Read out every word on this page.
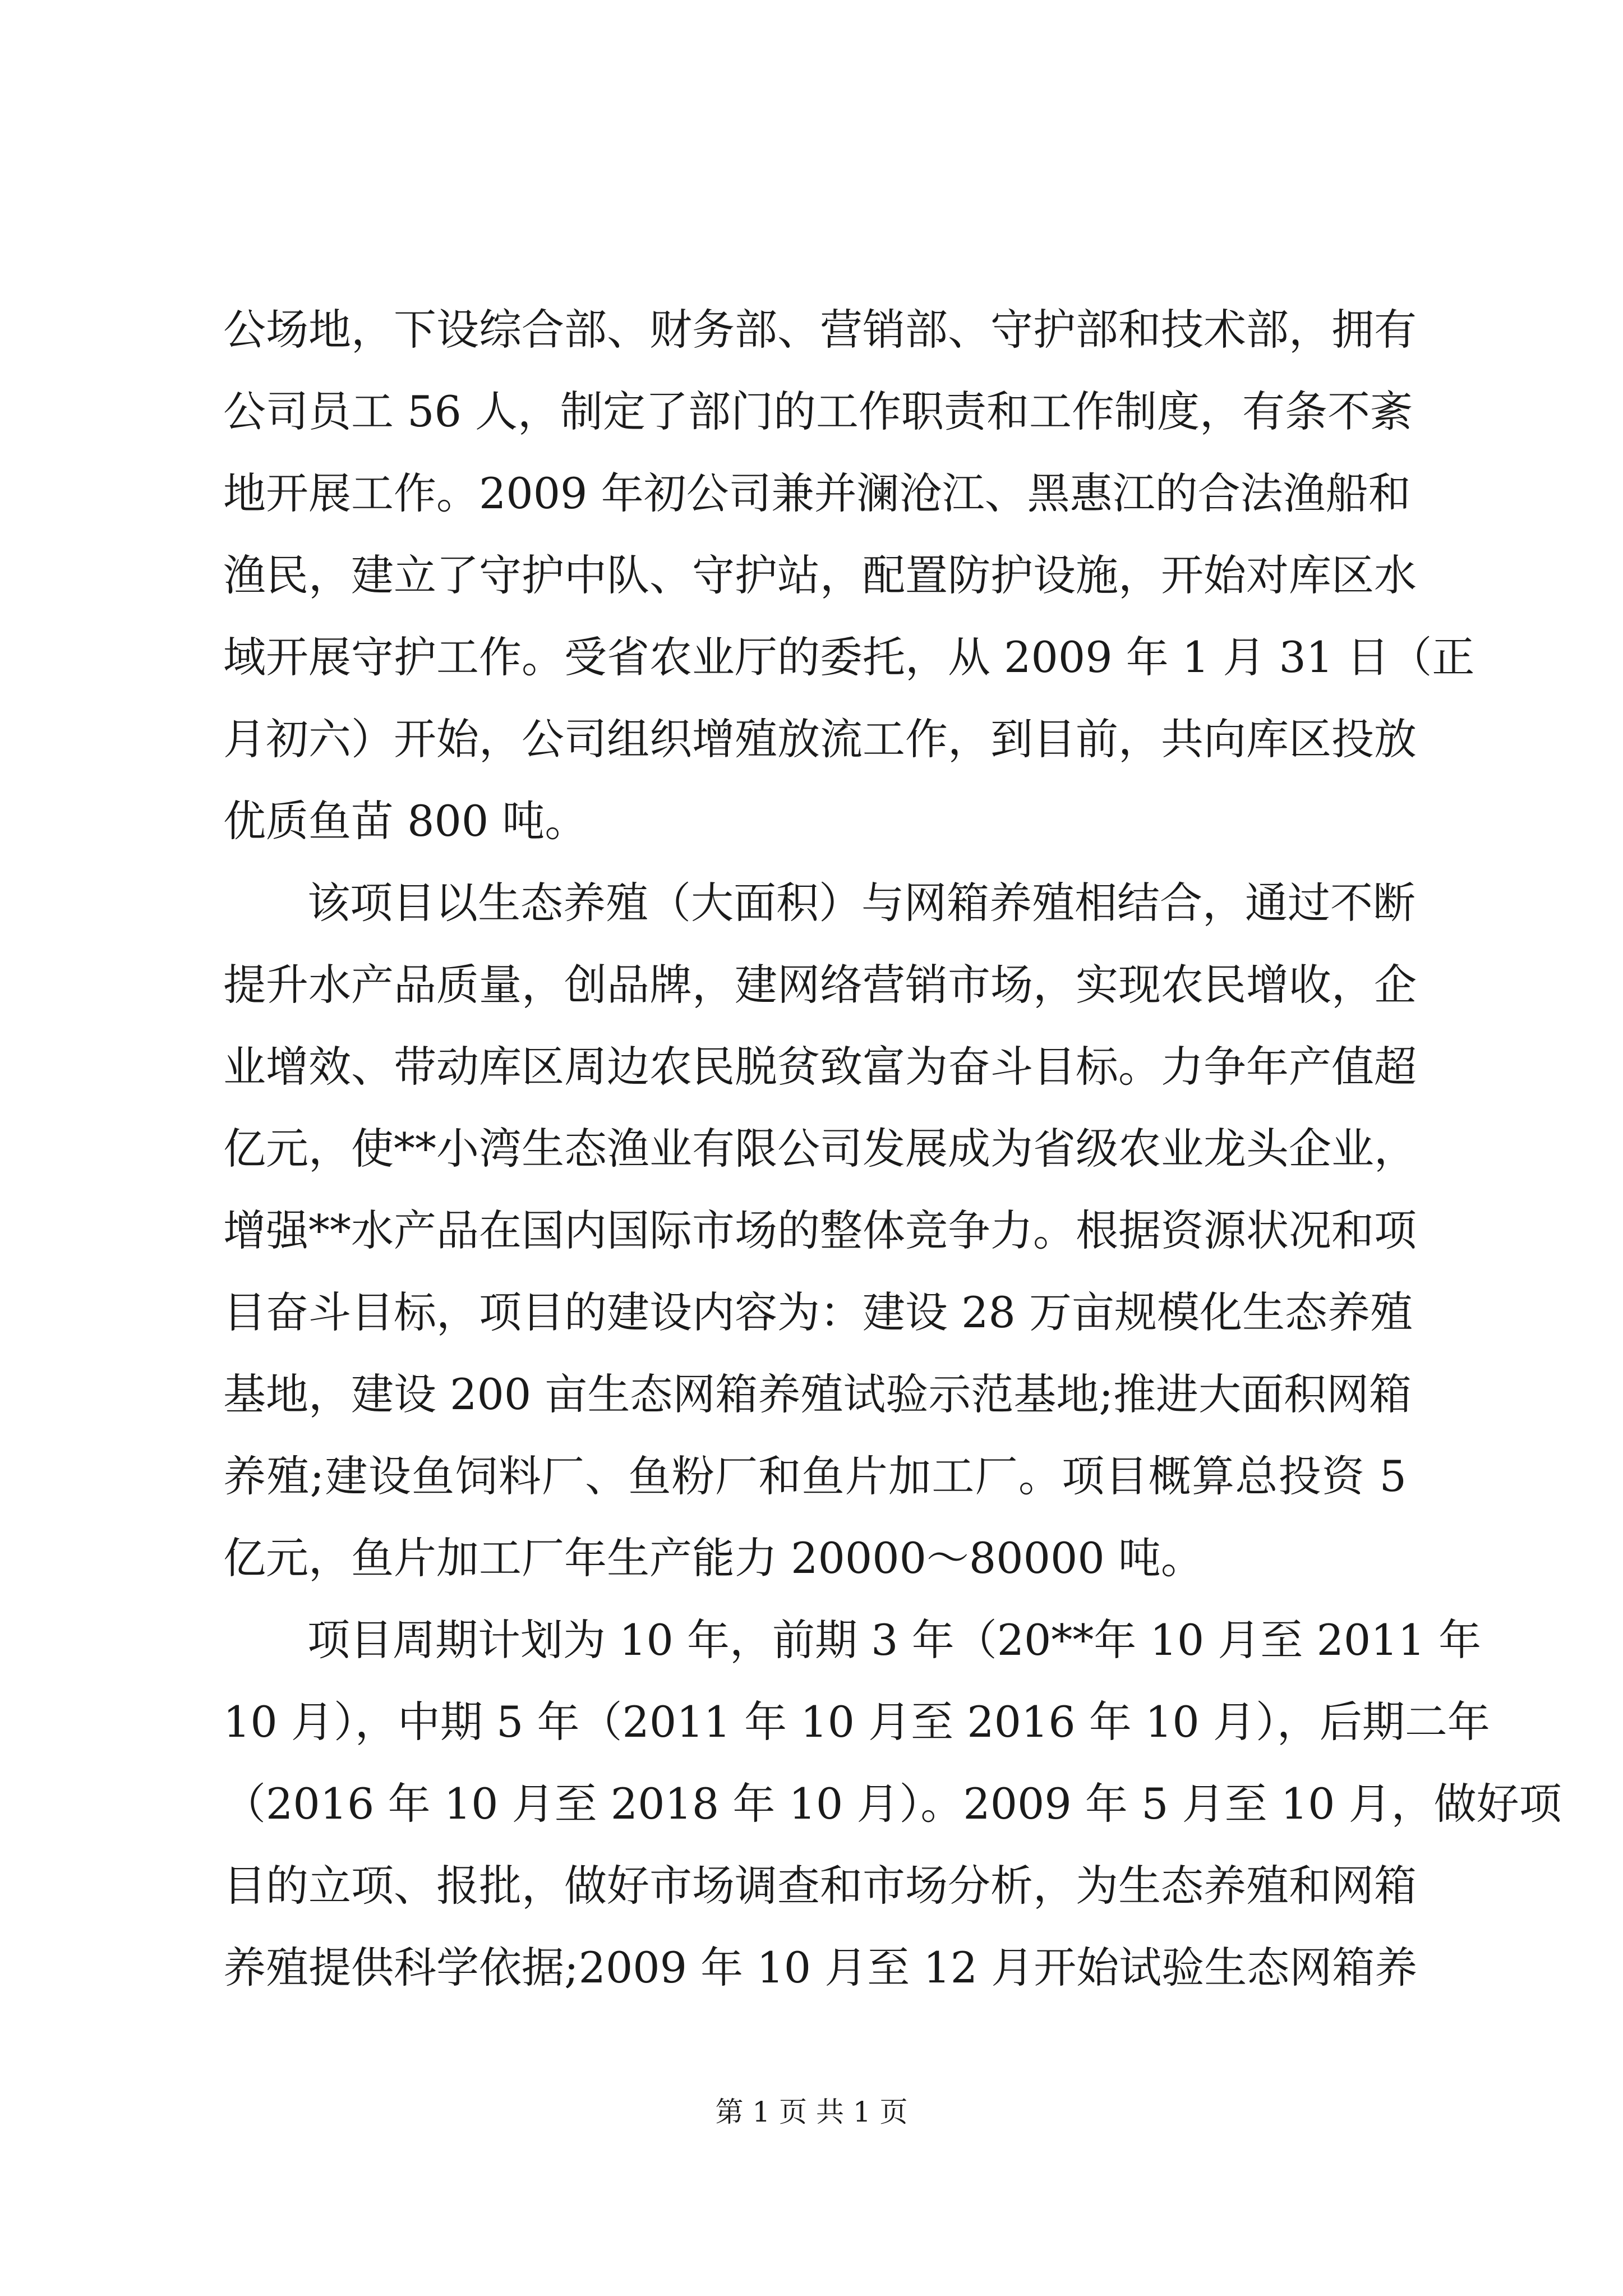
公场地，下设综合部、财务部、营销部、守护部和技术部，拥有

公司员工 56 人，制定了部门的工作职责和工作制度，有条不紊

地开展工作。2009 年初公司兼并澜沧江、黑惠江的合法渔船和

渔民，建立了守护中队、守护站，配置防护设施，开始对库区水

域开展守护工作。受省农业厅的委托，从 2009 年 1 月 31 日（正

月初六）开始，公司组织增殖放流工作，到目前，共向库区投放

优质鱼苗 800 吨。

该项目以生态养殖（大面积）与网箱养殖相结合，通过不断

提升水产品质量，创品牌，建网络营销市场，实现农民增收，企

业增效、带动库区周边农民脱贫致富为奋斗目标。力争年产值超

亿元，使**小湾生态渔业有限公司发展成为省级农业龙头企业，

增强**水产品在国内国际市场的整体竞争力。根据资源状况和项

目奋斗目标，项目的建设内容为：建设 28 万亩规模化生态养殖

基地，建设 200 亩生态网箱养殖试验示范基地;推进大面积网箱

养殖;建设鱼饲料厂、鱼粉厂和鱼片加工厂。项目概算总投资 5

亿元，鱼片加工厂年生产能力 20000～80000 吨。

项目周期计划为 10 年，前期 3 年（20**年 10 月至 2011 年

10 月），中期 5 年（2011 年 10 月至 2016 年 10 月），后期二年

（2016 年 10 月至 2018 年 10 月）。2009 年 5 月至 10 月，做好项

目的立项、报批，做好市场调查和市场分析，为生态养殖和网箱

养殖提供科学依据;2009 年 10 月至 12 月开始试验生态网箱养

第 1 页 共 1 页
